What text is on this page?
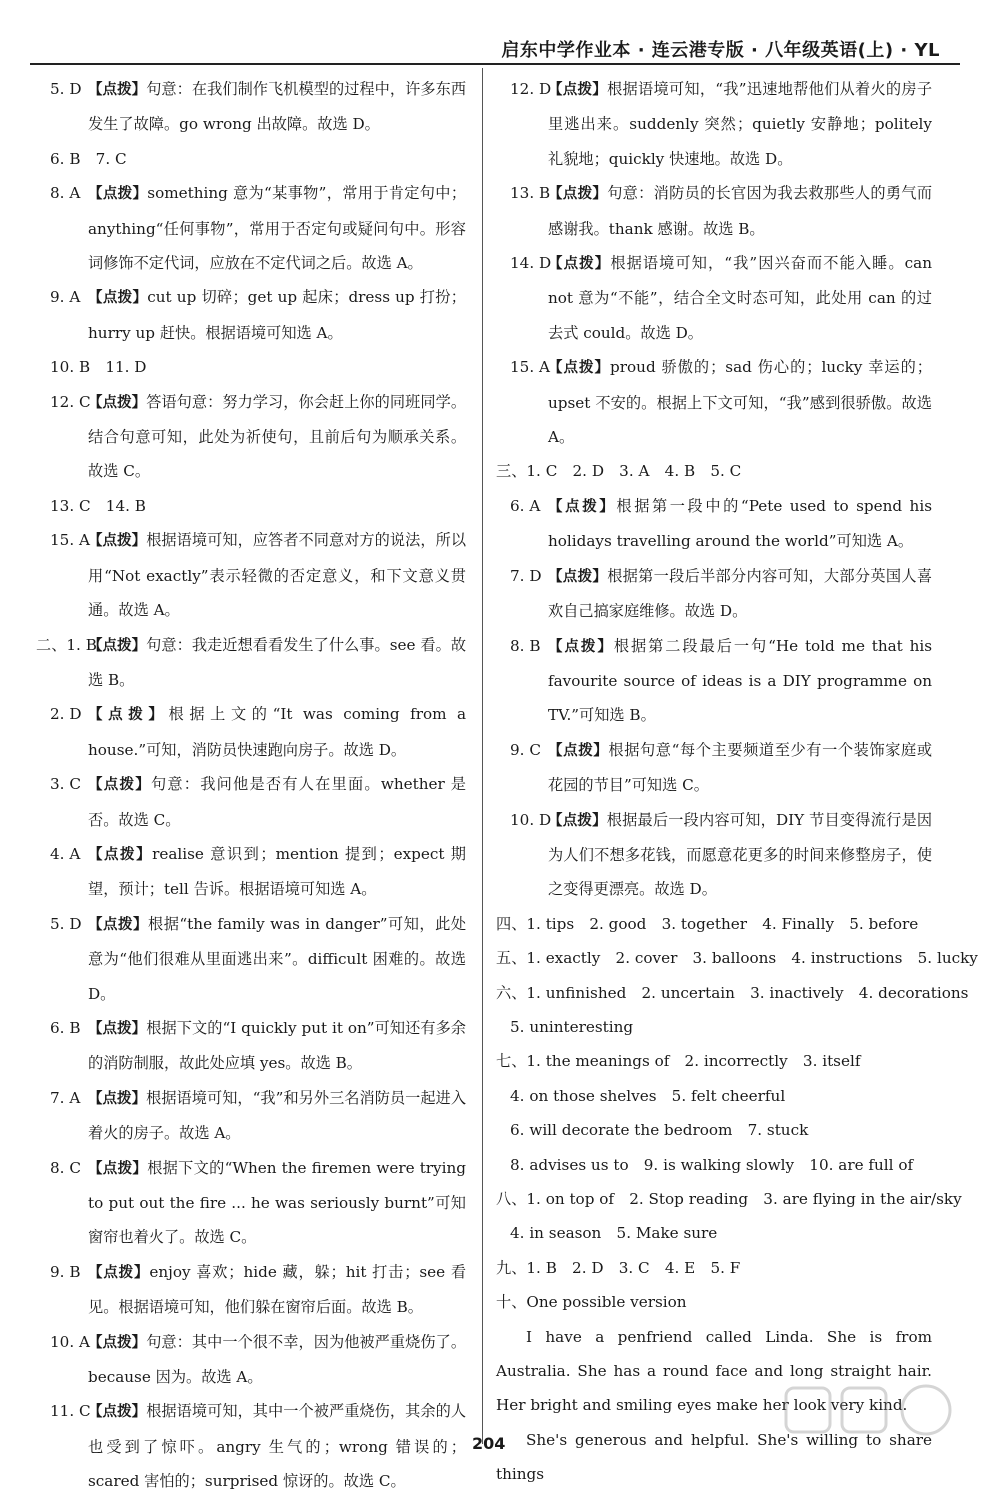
启东中学作业本 · 连云港专版 · 八年级英语(上) · YL
5. D 【点拨】句意：在我们制作飞机模型的过程中，许多东西发生了故障。go wrong 出故障。故选 D。
6. B　7. C
8. A 【点拨】something 意为“某事物”，常用于肯定句中；anything“任何事物”，常用于否定句或疑问句中。形容词修饰不定代词，应放在不定代词之后。故选 A。
9. A 【点拨】cut up 切碎；get up 起床；dress up 打扮；hurry up 赶快。根据语境可知选 A。
10. B　11. D
12. C
【点拨】答语句意：努力学习，你会赶上你的同班同学。结合句意可知，此处为祈使句，且前后句为顺承关系。故选 C。
13. C　14. B
15. A
【点拨】根据语境可知，应答者不同意对方的说法，所以用“Not exactly”表示轻微的否定意义，和下文意义贯通。故选 A。
二、1. B
【点拨】句意：我走近想看看发生了什么事。see 看。故选 B。
2. D 【点拨】根据上文的“It was coming from a house.”可知，消防员快速跑向房子。故选 D。
3. C 【点拨】句意：我问他是否有人在里面。whether 是否。故选 C。
4. A 【点拨】realise 意识到；mention 提到；expect 期望，预计；tell 告诉。根据语境可知选 A。
5. D 【点拨】根据“the family was in danger”可知，此处意为“他们很难从里面逃出来”。difficult 困难的。故选 D。
6. B 【点拨】根据下文的“I quickly put it on”可知还有多余的消防制服，故此处应填 yes。故选 B。
7. A 【点拨】根据语境可知，“我”和另外三名消防员一起进入着火的房子。故选 A。
8. C 【点拨】根据下文的“When the firemen were trying to put out the fire ... he was seriously burnt”可知窗帘也着火了。故选 C。
9. B 【点拨】enjoy 喜欢；hide 藏，躲；hit 打击；see 看见。根据语境可知，他们躲在窗帘后面。故选 B。
10. A
【点拨】句意：其中一个很不幸，因为他被严重烧伤了。because 因为。故选 A。
11. C
【点拨】根据语境可知，其中一个被严重烧伤，其余的人也受到了惊吓。angry 生气的；wrong 错误的；scared 害怕的；surprised 惊讶的。故选 C。
12. D
【点拨】根据语境可知，“我”迅速地帮他们从着火的房子里逃出来。suddenly 突然；quietly 安静地；politely 礼貌地；quickly 快速地。故选 D。
13. B
【点拨】句意：消防员的长官因为我去救那些人的勇气而感谢我。thank 感谢。故选 B。
14. D
【点拨】根据语境可知，“我”因兴奋而不能入睡。can not 意为“不能”，结合全文时态可知，此处用 can 的过去式 could。故选 D。
15. A
【点拨】proud 骄傲的；sad 伤心的；lucky 幸运的；upset 不安的。根据上下文可知，“我”感到很骄傲。故选 A。
三、1. C　2. D　3. A　4. B　5. C
6. A 【点拨】根据第一段中的“Pete used to spend his holidays travelling around the world”可知选 A。
7. D 【点拨】根据第一段后半部分内容可知，大部分英国人喜欢自己搞家庭维修。故选 D。
8. B 【点拨】根据第二段最后一句“He told me that his favourite source of ideas is a DIY programme on TV.”可知选 B。
9. C 【点拨】根据句意“每个主要频道至少有一个装饰家庭或花园的节目”可知选 C。
10. D
【点拨】根据最后一段内容可知，DIY 节目变得流行是因为人们不想多花钱，而愿意花更多的时间来修整房子，使之变得更漂亮。故选 D。
四、1. tips　2. good　3. together　4. Finally　5. before
五、1. exactly　2. cover　3. balloons　4. instructions　5. lucky
六、1. unfinished　2. uncertain　3. inactively　4. decorations
5. uninteresting
七、1. the meanings of　2. incorrectly　3. itself
4. on those shelves　5. felt cheerful
6. will decorate the bedroom　7. stuck
8. advises us to　9. is walking slowly　10. are full of
八、1. on top of　2. Stop reading　3. are flying in the air/sky
4. in season　5. Make sure
九、1. B　2. D　3. C　4. E　5. F
十、One possible version
I have a penfriend called Linda. She is from Australia. She has a round face and long straight hair. Her bright and smiling eyes make her look very kind.
She's generous and helpful. She's willing to share things
204
